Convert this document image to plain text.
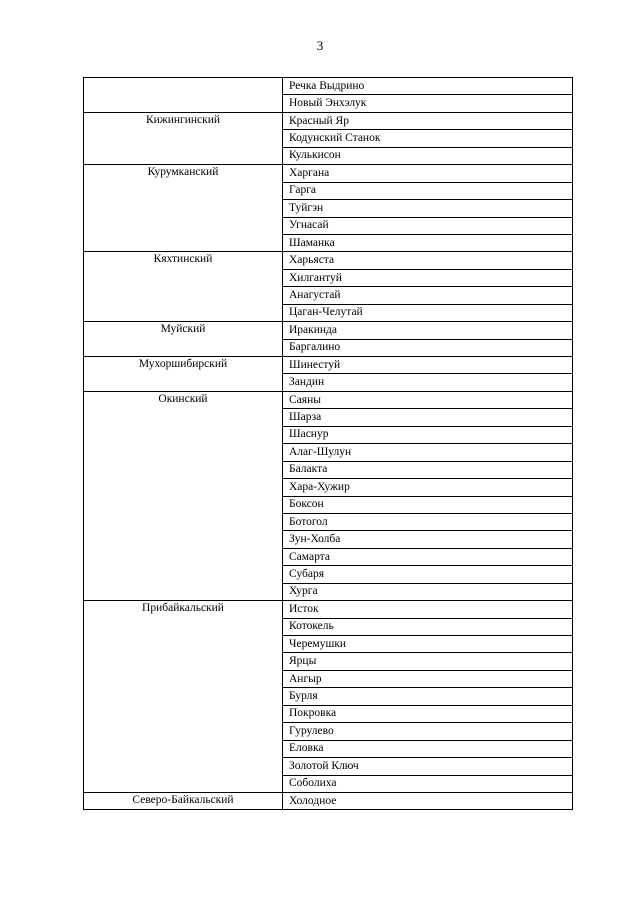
3
	Речка Выдрино
	Новый Энхэлук
Кижингинский	Красный Яр
	Кодунский Станок
	Кулькисон
Курумканский	Харгана
	Гарга
	Туйгэн
	Угнасай
	Шаманка
Кяхтинский	Харьяста
	Хилгантуй
	Анагустай
	Цаган-Челутай
Муйский	Иракинда
	Баргалино
Мухоршибирский	Шинестуй
	Зандин
Окинский	Саяны
	Шарза
	Шаснур
	Алаг-Шулун
	Балакта
	Хара-Хужир
	Боксон
	Ботогол
	Зун-Холба
	Самарта
	Субаря
	Хурга
Прибайкальский	Исток
	Котокель
	Черемушки
	Ярцы
	Ангыр
	Бурля
	Покровка
	Гурулево
	Еловка
	Золотой Ключ
	Соболиха
Северо-Байкальский	Холодное
